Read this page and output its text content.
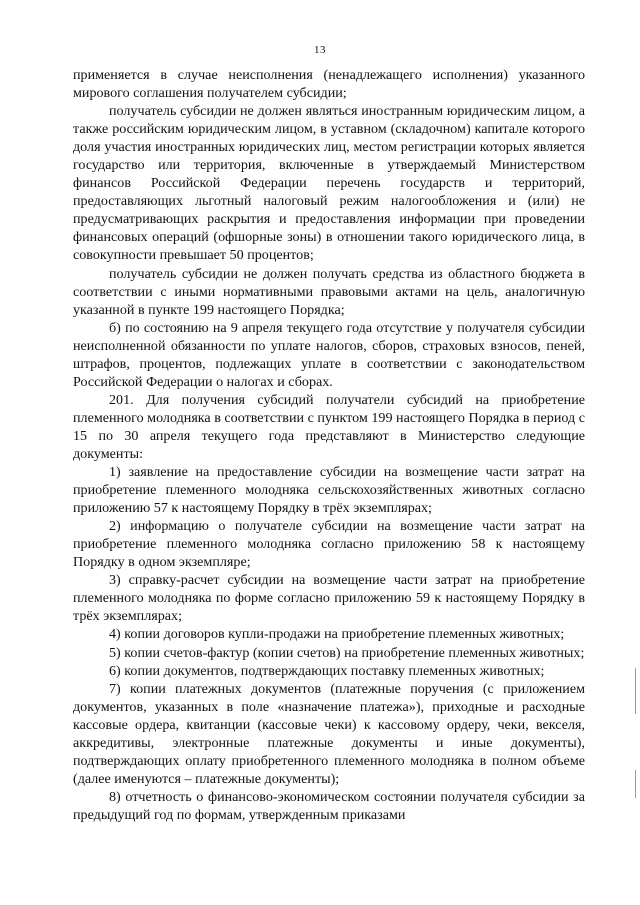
13

применяется в случае неисполнения (ненадлежащего исполнения) указанного мирового соглашения получателем субсидии;

получатель субсидии не должен являться иностранным юридическим лицом, а также российским юридическим лицом, в уставном (складочном) капитале которого доля участия иностранных юридических лиц, местом регистрации которых является государство или территория, включенные в утверждаемый Министерством финансов Российской Федерации перечень государств и территорий, предоставляющих льготный налоговый режим налогообложения и (или) не предусматривающих раскрытия и предоставления информации при проведении финансовых операций (офшорные зоны) в отношении такого юридического лица, в совокупности превышает 50 процентов;

получатель субсидии не должен получать средства из областного бюджета в соответствии с иными нормативными правовыми актами на цель, аналогичную указанной в пункте 199 настоящего Порядка;

б) по состоянию на 9 апреля текущего года отсутствие у получателя субсидии неисполненной обязанности по уплате налогов, сборов, страховых взносов, пеней, штрафов, процентов, подлежащих уплате в соответствии с законодательством Российской Федерации о налогах и сборах.

201. Для получения субсидий получатели субсидий на приобретение племенного молодняка в соответствии с пунктом 199 настоящего Порядка в период с 15 по 30 апреля текущего года представляют в Министерство следующие документы:

1) заявление на предоставление субсидии на возмещение части затрат на приобретение племенного молодняка сельскохозяйственных животных согласно приложению 57 к настоящему Порядку в трёх экземплярах;

2) информацию о получателе субсидии на возмещение части затрат на приобретение племенного молодняка согласно приложению 58 к настоящему Порядку в одном экземпляре;

3) справку-расчет субсидии на возмещение части затрат на приобретение племенного молодняка по форме согласно приложению 59 к настоящему Порядку в трёх экземплярах;

4) копии договоров купли-продажи на приобретение племенных животных;

5) копии счетов-фактур (копии счетов) на приобретение племенных животных;

6) копии документов, подтверждающих поставку племенных животных;

7) копии платежных документов (платежные поручения (с приложением документов, указанных в поле «назначение платежа»), приходные и расходные кассовые ордера, квитанции (кассовые чеки) к кассовому ордеру, чеки, векселя, аккредитивы, электронные платежные документы и иные документы), подтверждающих оплату приобретенного племенного молодняка в полном объеме (далее именуются – платежные документы);

8) отчетность о финансово-экономическом состоянии получателя субсидии за предыдущий год по формам, утвержденным приказами
